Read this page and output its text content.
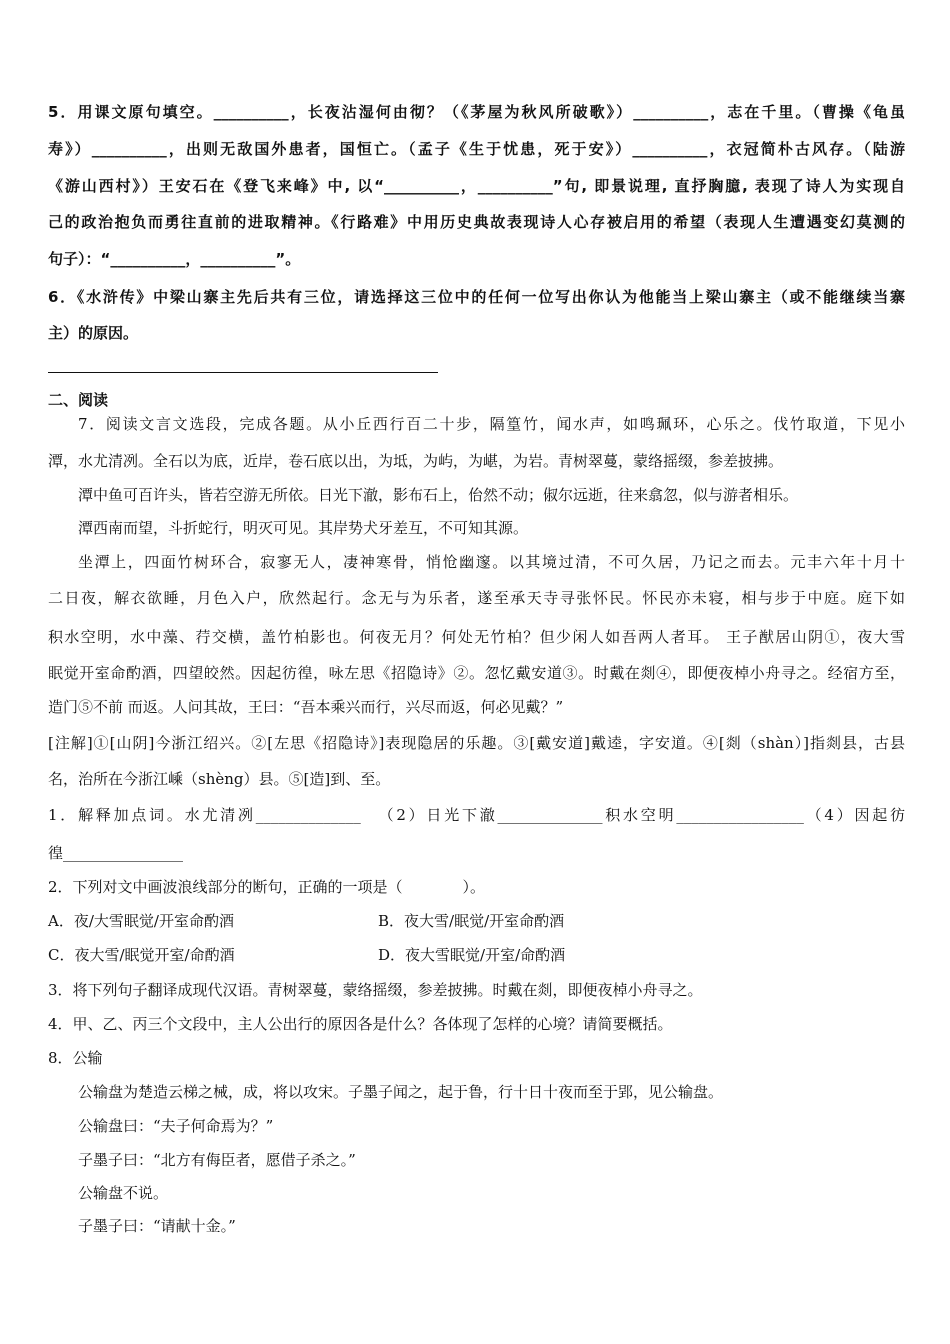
5．用课文原句填空。__________，长夜沾湿何由彻？（《茅屋为秋风所破歌》）__________，志在千里。（曹操《龟虽
寿》）__________，出则无敌国外患者，国恒亡。（孟子《生于忧患，死于安》）__________，衣冠简朴古风存。（陆游
《游山西村》）王安石在《登飞来峰》中, 以“__________，__________”句, 即景说理, 直抒胸臆, 表现了诗人为实现自
己的政治抱负而勇往直前的进取精神。《行路难》中用历史典故表现诗人心存被启用的希望（表现人生遭遇变幻莫测的
句子）：“__________，__________”。
6．《水浒传》中梁山寨主先后共有三位，请选择这三位中的任何一位写出你认为他能当上梁山寨主（或不能继续当寨
主）的原因。
二、阅读
7．阅读文言文选段，完成各题。从小丘西行百二十步，隔篁竹，闻水声，如鸣珮环，心乐之。伐竹取道，下见小
潭，水尤清冽。全石以为底，近岸，卷石底以出，为坻，为屿，为嵁，为岩。青树翠蔓，蒙络摇缀，参差披拂。
潭中鱼可百许头，皆若空游无所依。日光下澈，影布石上，佁然不动；俶尔远逝，往来翕忽，似与游者相乐。
潭西南而望，斗折蛇行，明灭可见。其岸势犬牙差互，不可知其源。
坐潭上，四面竹树环合，寂寥无人，凄神寒骨，悄怆幽邃。以其境过清，不可久居，乃记之而去。元丰六年十月十
二日夜，解衣欲睡，月色入户，欣然起行。念无与为乐者，遂至承天寺寻张怀民。怀民亦未寝，相与步于中庭。庭下如
积水空明，水中藻、荇交横，盖竹柏影也。何夜无月？何处无竹柏？但少闲人如吾两人者耳。 王子猷居山阴①，夜大雪
眠觉开室命酌酒，四望皎然。因起彷徨，咏左思《招隐诗》②。忽忆戴安道③。时戴在剡④，即便夜棹小舟寻之。经宿方至，
造门⑤不前 而返。人问其故，王曰：“吾本乘兴而行，兴尽而返，何必见戴？”
[注解]①[山阴]今浙江绍兴。②[左思《招隐诗》]表现隐居的乐趣。③[戴安道]戴逵，字安道。④[剡（shàn）]指剡县，古县
名，治所在今浙江嵊（shèng）县。⑤[造]到、至。
1．解释加点词。水尤清冽______________ 　（2）日光下澈______________积水空明_________________（4）因起彷
徨________________
2．下列对文中画波浪线部分的断句，正确的一项是（　　　　）。
A．夜/大雪眠觉/开室命酌酒	B．夜大雪/眠觉/开室命酌酒
C．夜大雪/眠觉开室/命酌酒	D．夜大雪眠觉/开室/命酌酒
3．将下列句子翻译成现代汉语。青树翠蔓，蒙络摇缀，参差披拂。时戴在剡，即便夜棹小舟寻之。
4．甲、乙、丙三个文段中，主人公出行的原因各是什么？各体现了怎样的心境？请简要概括。
8．公输
公输盘为楚造云梯之械，成，将以攻宋。子墨子闻之，起于鲁，行十日十夜而至于郢，见公输盘。
公输盘曰：“夫子何命焉为？”
子墨子曰：“北方有侮臣者，愿借子杀之。”
公输盘不说。
子墨子曰：“请献十金。”
